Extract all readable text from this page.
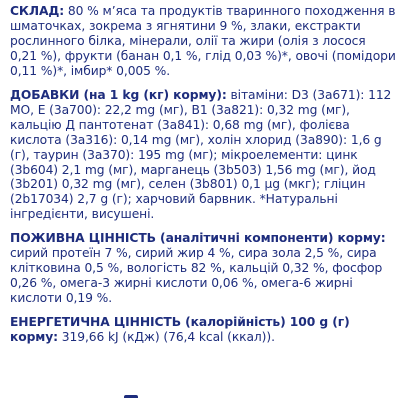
СКЛАД: 80 % м’яса та продуктів тваринного походження в шматочках, зокрема з ягнятини 9 %, злаки, екстракти рослинного білка, мінерали, олії та жири (олія з лосося 0,21 %), фрукти (банан 0,1 %, глід 0,03 %)*, овочі (помідори 0,11 %)*, імбир* 0,005 %.

ДОБАВКИ (на 1 kg (кг) корму): вітаміни: D3 (3a671): 112 МО, E (3a700): 22,2 mg (мг), B1 (3a821): 0,32 mg (мг), кальцію Д пантотенат (3a841): 0,68 mg (мг), фолієва кислота (3a316): 0,14 mg (мг), холін хлорид (3a890): 1,6 g (г), таурин (3a370): 195 mg (мг); мікроелементи: цинк (3b604) 2,1 mg (мг), марганець (3b503) 1,56 mg (мг), йод (3b201) 0,32 mg (мг), селен (3b801) 0,1 µg (мкг); гліцин (2b17034) 2,7 g (г); харчовий барвник. *Натуральні інгредієнти, висушені.

ПОЖИВНА ЦІННІСТЬ (аналітичні компоненти) корму: сирий протеїн 7 %, сирий жир 4 %, сира зола 2,5 %, сира клітковина 0,5 %, вологість 82 %, кальцій 0,32 %, фосфор 0,26 %, омега-3 жирні кислоти 0,06 %, омега-6 жирні кислоти 0,19 %.

ЕНЕРГЕТИЧНА ЦІННІСТЬ (калорійність) 100 g (г) корму: 319,66 kJ (кДж) (76,4 kcal (ккал)).
